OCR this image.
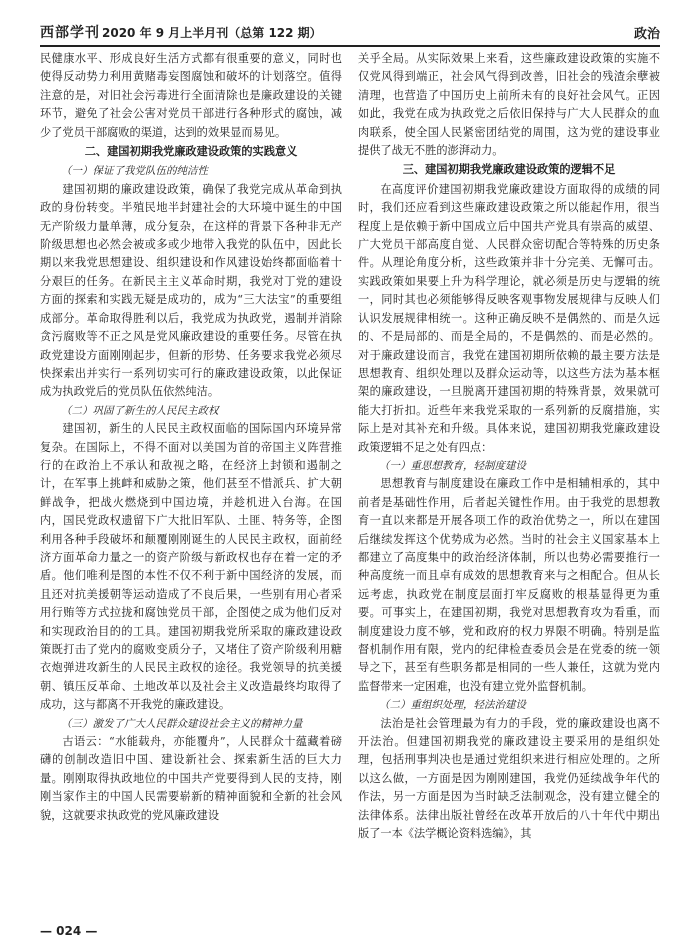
西部学刊 2020 年 9 月上半月刊（总第 122 期）	政治

民健康水平、形成良好生活方式都有很重要的意义，同时也使得反动势力利用黄赌毒妄图腐蚀和破坏的计划落空。值得注意的是，对旧社会污毒进行全面清除也是廉政建设的关键环节，避免了社会公害对党员干部进行各种形式的腐蚀，减少了党员干部腐败的渠道，达到的效果显而易见。

二、建国初期我党廉政建设政策的实践意义
（一）保证了我党队伍的纯洁性

建国初期的廉政建设政策，确保了我党完成从革命到执政的身份转变。半殖民地半封建社会的大环境中诞生的中国无产阶级力量单薄，成分复杂，在这样的背景下各种非无产阶级思想也必然会被或多或少地带入我党的队伍中，因此长期以来我党思想建设、组织建设和作风建设始终都面临着十分艰巨的任务。在新民主主义革命时期，我党对丁党的建设方面的探索和实践无疑是成功的，成为“三大法宝”的重要组成部分。革命取得胜利以后，我党成为执政党，遏制并消除贪污腐败等不正之风是党风廉政建设的重要任务。尽管在执政党建设方面刚刚起步，但新的形势、任务要求我党必须尽快探索出并实行一系列切实可行的廉政建设政策，以此保证成为执政党后的党员队伍依然纯洁。

（二）巩固了新生的人民民主政权

建国初，新生的人民民主政权面临的国际国内环境异常复杂。在国际上，不得不面对以美国为首的帝国主义阵营推行的在政治上不承认和敌视之略，在经济上封锁和遏制之计，在军事上挑衅和威胁之策，他们甚至不惜派兵、扩大朝鲜战争，把战火燃烧到中国边境，并趁机进入台海。在国内，国民党政权遗留下广大批旧军队、土匪、特务等，企图利用各种手段破坏和颠覆刚刚诞生的人民民主政权，面前经济方面革命力量之一的资产阶级与新政权也存在着一定的矛盾。他们唯利是图的本性不仅不利于新中国经济的发展，而且还对抗美援朝等运动造成了不良后果，一些别有用心者采用行贿等方式拉拢和腐蚀党员干部，企图使之成为他们反对和实现政治目的的工具。建国初期我党所采取的廉政建设政策既打击了党内的腐败变质分子，又堵住了资产阶级利用糖衣炮弹进攻新生的人民民主政权的途径。我党领导的抗美援朝、镇压反革命、土地改革以及社会主义改造最终均取得了成功，这与都离不开我党的廉政建设。

（三）激发了广大人民群众建设社会主义的精神力量

古语云：“水能载舟，亦能覆舟”，人民群众十蕴藏着磅礴的创制改造旧中国、建设新社会、探索新生活的巨大力量。刚刚取得执政地位的中国共产党要得到人民的支持，刚刚当家作主的中国人民需要崭新的精神面貌和全新的社会风貌，这就要求执政党的党风廉政建设

关乎全局。从实际效果上来看，这些廉政建设政策的实施不仅党风得到端正，社会风气得到改善，旧社会的残渣余孽被清理，也营造了中国历史上前所未有的良好社会风气。正因如此，我党在成为执政党之后依旧保持与广大人民群众的血肉联系，使全国人民紧密团结党的周围，这为党的建设事业提供了战无不胜的澎湃动力。

三、建国初期我党廉政建设政策的逻辑不足

在高度评价建国初期我党廉政建设方面取得的成绩的同时，我们还应看到这些廉政建设政策之所以能起作用，很当程度上是依赖于新中国成立后中国共产党具有崇高的威望、广大党员干部高度自觉、人民群众密切配合等特殊的历史条件。从理论角度分析，这些政策并非十分完美、无懈可击。实践政策如果要上升为科学理论，就必须是历史与逻辑的统一，同时其也必须能够得反映客观事物发展规律与反映人们认识发展规律相统一。这种正确反映不是偶然的、而是久远的、不是局部的、而是全局的，不是偶然的、而是必然的。对于廉政建设而言，我党在建国初期所依赖的最主要方法是思想教育、组织处理以及群众运动等，以这些方法为基本框架的廉政建设，一旦脱离开建国初期的特殊背景，效果就可能大打折扣。近些年来我党采取的一系列新的反腐措施，实际上是对其补充和升级。具体来说，建国初期我党廉政建设政策逻辑不足之处有四点：

（一）重思想教育，轻制度建设

思想教育与制度建设在廉政工作中是相辅相承的，其中前者是基础性作用，后者起关键性作用。由于我党的思想教育一直以来都是开展各项工作的政治优势之一，所以在建国后继续发挥这个优势成为必然。当时的社会主义国家基本上都建立了高度集中的政治经济体制，所以也势必需要推行一种高度统一而且卓有成效的思想教育来与之相配合。但从长远考虑，执政党在制度层面打牢反腐败的根基显得更为重要。可事实上，在建国初期，我党对思想教育攻为看重，而制度建设力度不够，党和政府的权力界限不明确。特别是监督机制作用有限，党内的纪律检查委员会是在党委的统一领导之下，甚至有些职务都是相同的一些人兼任，这就为党内监督带来一定困难，也没有建立党外监督机制。

（二）重组织处理，轻法治建设

法治是社会管理最为有力的手段，党的廉政建设也离不开法治。但建国初期我党的廉政建设主要采用的是组织处理，包括刑事判决也是通过党组织来进行相应处理的。之所以这么做，一方面是因为刚刚建国，我党仍延续战争年代的作法，另一方面是因为当时缺乏法制观念，没有建立健全的法律体系。法律出版社曾经在改革开放后的八十年代中期出版了一本《法学概论资料选编》，其

— 024 —
